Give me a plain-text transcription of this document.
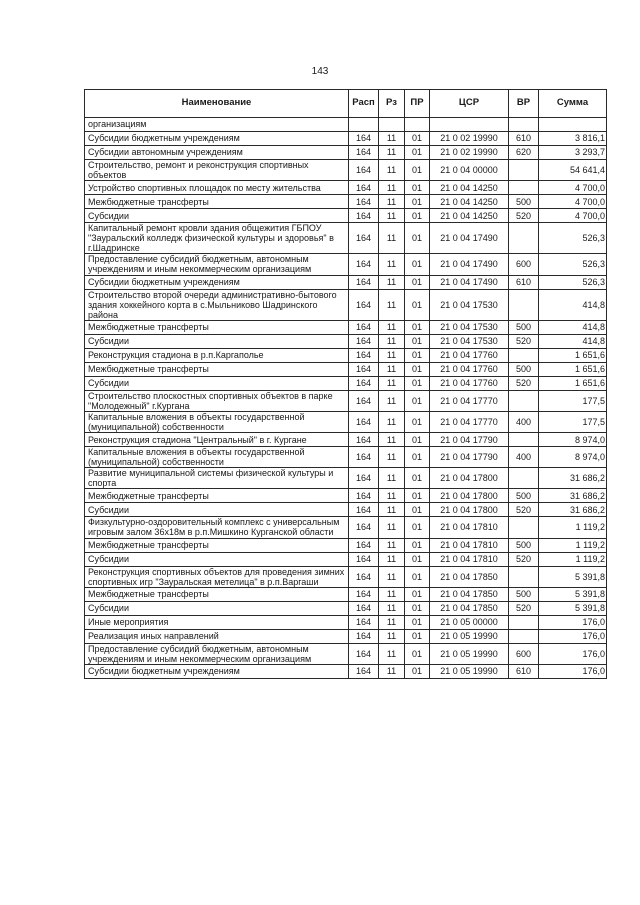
143
Наименование	Расп	Рз	ПР	ЦСР	ВР	Сумма
организациям						
Субсидии бюджетным учреждениям	164	11	01	21 0 02 19990	610	3 816,1
Субсидии автономным учреждениям	164	11	01	21 0 02 19990	620	3 293,7
Строительство, ремонт и реконструкция спортивных объектов	164	11	01	21 0 04 00000		54 641,4
Устройство спортивных площадок по месту жительства	164	11	01	21 0 04 14250		4 700,0
Межбюджетные трансферты	164	11	01	21 0 04 14250	500	4 700,0
Субсидии	164	11	01	21 0 04 14250	520	4 700,0
Капитальный ремонт кровли здания общежития ГБПОУ "Зауральский колледж физической культуры и здоровья" в г.Шадринске	164	11	01	21 0 04 17490		526,3
Предоставление субсидий бюджетным, автономным учреждениям и иным некоммерческим организациям	164	11	01	21 0 04 17490	600	526,3
Субсидии бюджетным учреждениям	164	11	01	21 0 04 17490	610	526,3
Строительство второй очереди административно-бытового здания хоккейного корта в с.Мыльниково Шадринского района	164	11	01	21 0 04 17530		414,8
Межбюджетные трансферты	164	11	01	21 0 04 17530	500	414,8
Субсидии	164	11	01	21 0 04 17530	520	414,8
Реконструкция стадиона в р.п.Каргаполье	164	11	01	21 0 04 17760		1 651,6
Межбюджетные трансферты	164	11	01	21 0 04 17760	500	1 651,6
Субсидии	164	11	01	21 0 04 17760	520	1 651,6
Строительство плоскостных спортивных объектов в парке "Молодежный" г.Кургана	164	11	01	21 0 04 17770		177,5
Капитальные вложения в объекты государственной (муниципальной) собственности	164	11	01	21 0 04 17770	400	177,5
Реконструкция стадиона "Центральный" в г. Кургане	164	11	01	21 0 04 17790		8 974,0
Капитальные вложения в объекты государственной (муниципальной) собственности	164	11	01	21 0 04 17790	400	8 974,0
Развитие муниципальной системы физической культуры и спорта	164	11	01	21 0 04 17800		31 686,2
Межбюджетные трансферты	164	11	01	21 0 04 17800	500	31 686,2
Субсидии	164	11	01	21 0 04 17800	520	31 686,2
Физкультурно-оздоровительный комплекс с универсальным игровым залом 36х18м в р.п.Мишкино Курганской области	164	11	01	21 0 04 17810		1 119,2
Межбюджетные трансферты	164	11	01	21 0 04 17810	500	1 119,2
Субсидии	164	11	01	21 0 04 17810	520	1 119,2
Реконструкция спортивных объектов для проведения зимних спортивных игр "Зауральская метелица" в р.п.Варгаши	164	11	01	21 0 04 17850		5 391,8
Межбюджетные трансферты	164	11	01	21 0 04 17850	500	5 391,8
Субсидии	164	11	01	21 0 04 17850	520	5 391,8
Иные мероприятия	164	11	01	21 0 05 00000		176,0
Реализация иных направлений	164	11	01	21 0 05 19990		176,0
Предоставление субсидий бюджетным, автономным учреждениям и иным некоммерческим организациям	164	11	01	21 0 05 19990	600	176,0
Субсидии бюджетным учреждениям	164	11	01	21 0 05 19990	610	176,0
